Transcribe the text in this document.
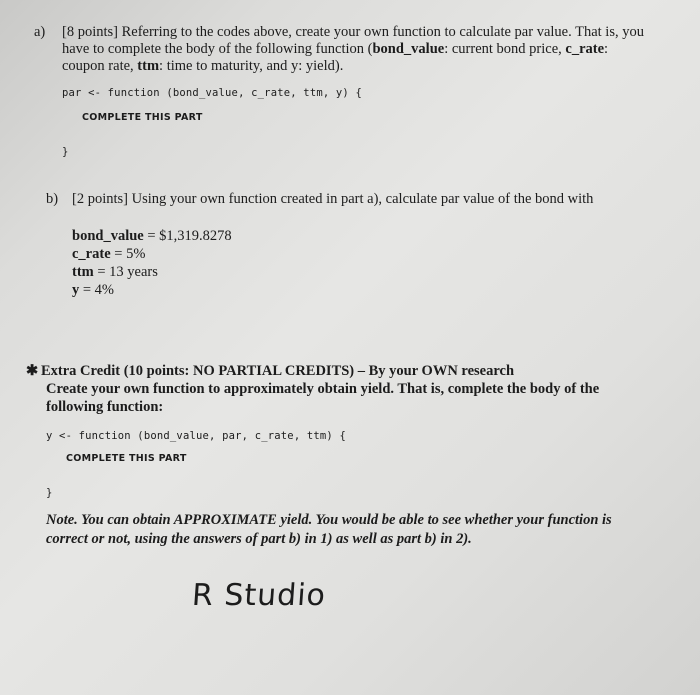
a) [8 points] Referring to the codes above, create your own function to calculate par value. That is, you
have to complete the body of the following function (bond_value: current bond price, c_rate:
coupon rate, ttm: time to maturity, and y: yield).
par <- function (bond_value, c_rate, ttm, y) {
COMPLETE THIS PART
}
b) [2 points] Using your own function created in part a), calculate par value of the bond with
bond_value = $1,319.8278
c_rate = 5%
ttm = 13 years
y = 4%
✱ Extra Credit (10 points: NO PARTIAL CREDITS) – By your OWN research
Create your own function to approximately obtain yield. That is, complete the body of the
following function:
y <- function (bond_value, par, c_rate, ttm) {
COMPLETE THIS PART
}
Note. You can obtain APPROXIMATE yield. You would be able to see whether your function is
correct or not, using the answers of part b) in 1) as well as part b) in 2).
R Studio
